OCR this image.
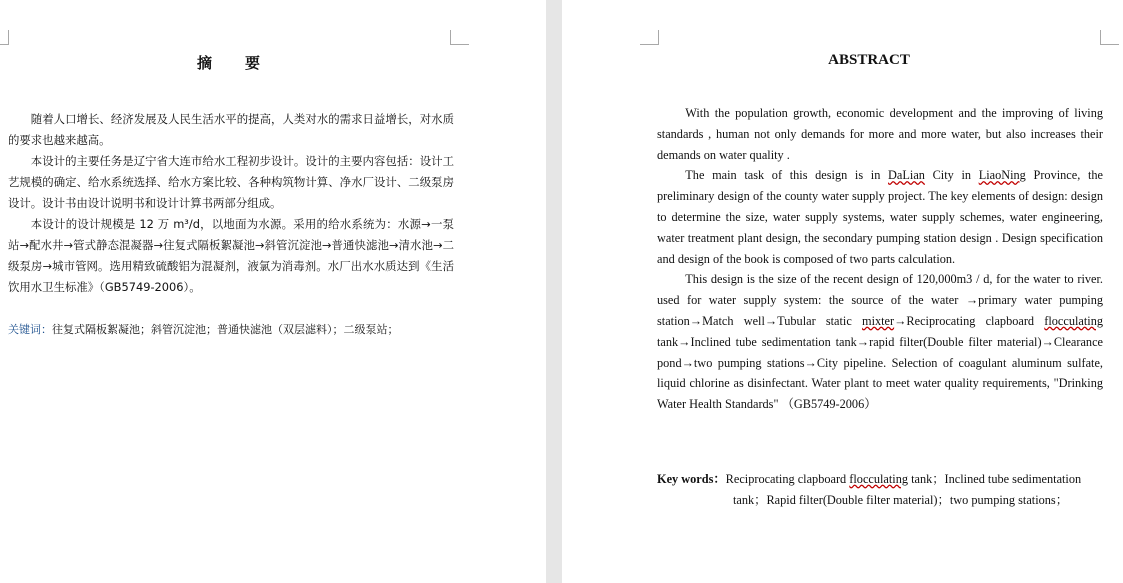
摘　　要

随着人口增长、经济发展及人民生活水平的提高，人类对水的需求日益增长，对水质的要求也越来越高。

本设计的主要任务是辽宁省大连市给水工程初步设计。设计的主要内容包括：设计工艺规模的确定、给水系统选择、给水方案比较、各种构筑物计算、净水厂设计、二级泵房设计。设计书由设计说明书和设计计算书两部分组成。

本设计的设计规模是 12 万 m³/d，以地面为水源。采用的给水系统为：水源→一泵站→配水井→管式静态混凝器→往复式隔板絮凝池→斜管沉淀池→普通快滤池→清水池→二级泵房→城市管网。选用精致硫酸铝为混凝剂，液氯为消毒剂。水厂出水水质达到《生活饮用水卫生标准》（GB5749-2006）。

关键词：往复式隔板絮凝池；斜管沉淀池；普通快滤池（双层滤料）；二级泵站；
ABSTRACT

With the population growth, economic development and the improving of living standards , human not only demands for more and more water, but also increases their demands on water quality .

The main task of this design is in DaLian City in LiaoNing Province, the preliminary design of the county water supply project. The key elements of design: design to determine the size, water supply systems, water supply schemes, water engineering, water treatment plant design, the secondary pumping station design . Design specification and design of the book is composed of two parts calculation.

This design is the size of the recent design of 120,000m3 / d, for the water to river. used for water supply system: the source of the water →primary water pumping station→Match well→Tubular static mixter→Reciprocating clapboard flocculating tank→Inclined tube sedimentation tank→rapid filter(Double filter material)→Clearance pond→two pumping stations→City pipeline. Selection of coagulant aluminum sulfate, liquid chlorine as disinfectant. Water plant to meet water quality requirements, "Drinking Water Health Standards" （GB5749-2006）

Key words：Reciprocating clapboard flocculating tank；Inclined tube sedimentation
tank；Rapid filter(Double filter material)；two pumping stations；
